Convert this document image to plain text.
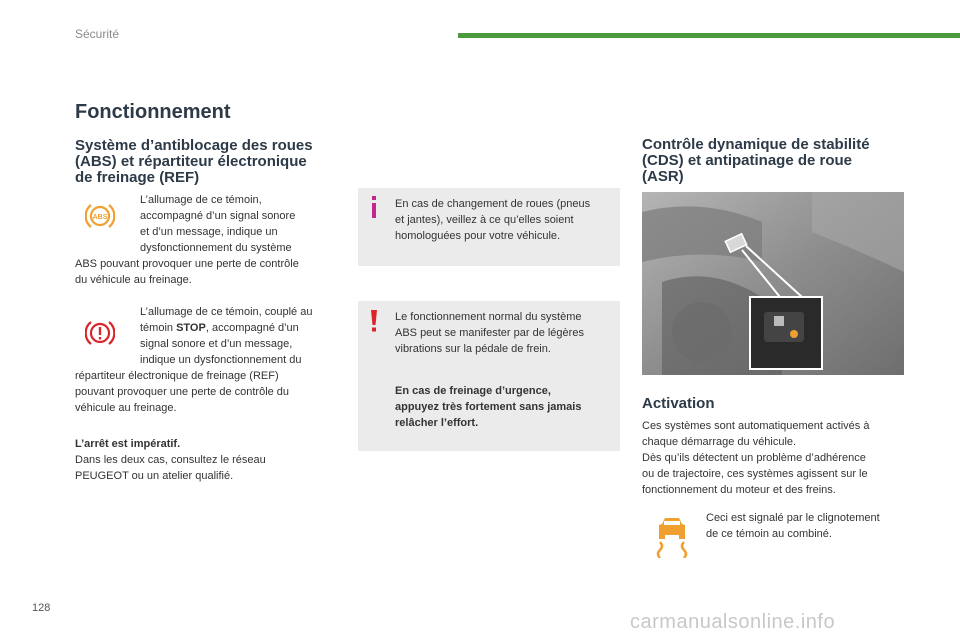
Sécurité
Fonctionnement
Système d’antiblocage des roues
(ABS) et répartiteur électronique
de freinage (REF)
ABS
L’allumage de ce témoin,
accompagné d’un signal sonore
et d’un message, indique un
dysfonctionnement du système
ABS pouvant provoquer une perte de contrôle
du véhicule au freinage.
L’allumage de ce témoin, couplé au
témoin STOP, accompagné d’un
signal sonore et d’un message,
indique un dysfonctionnement du
répartiteur électronique de freinage (REF)
pouvant provoquer une perte de contrôle du
véhicule au freinage.
L’arrêt est impératif.
Dans les deux cas, consultez le réseau
PEUGEOT ou un atelier qualifié.
En cas de changement de roues (pneus
et jantes), veillez à ce qu’elles soient
homologuées pour votre véhicule.
Le fonctionnement normal du système
ABS peut se manifester par de légères
vibrations sur la pédale de frein.
En cas de freinage d’urgence,
appuyez très fortement sans jamais
relâcher l’effort.
Contrôle dynamique de stabilité
(CDS) et antipatinage de roue
(ASR)
Activation
Ces systèmes sont automatiquement activés à
chaque démarrage du véhicule.
Dès qu’ils détectent un problème d’adhérence
ou de trajectoire, ces systèmes agissent sur le
fonctionnement du moteur et des freins.
Ceci est signalé par le clignotement
de ce témoin au combiné.
128
carmanualsonline.info
